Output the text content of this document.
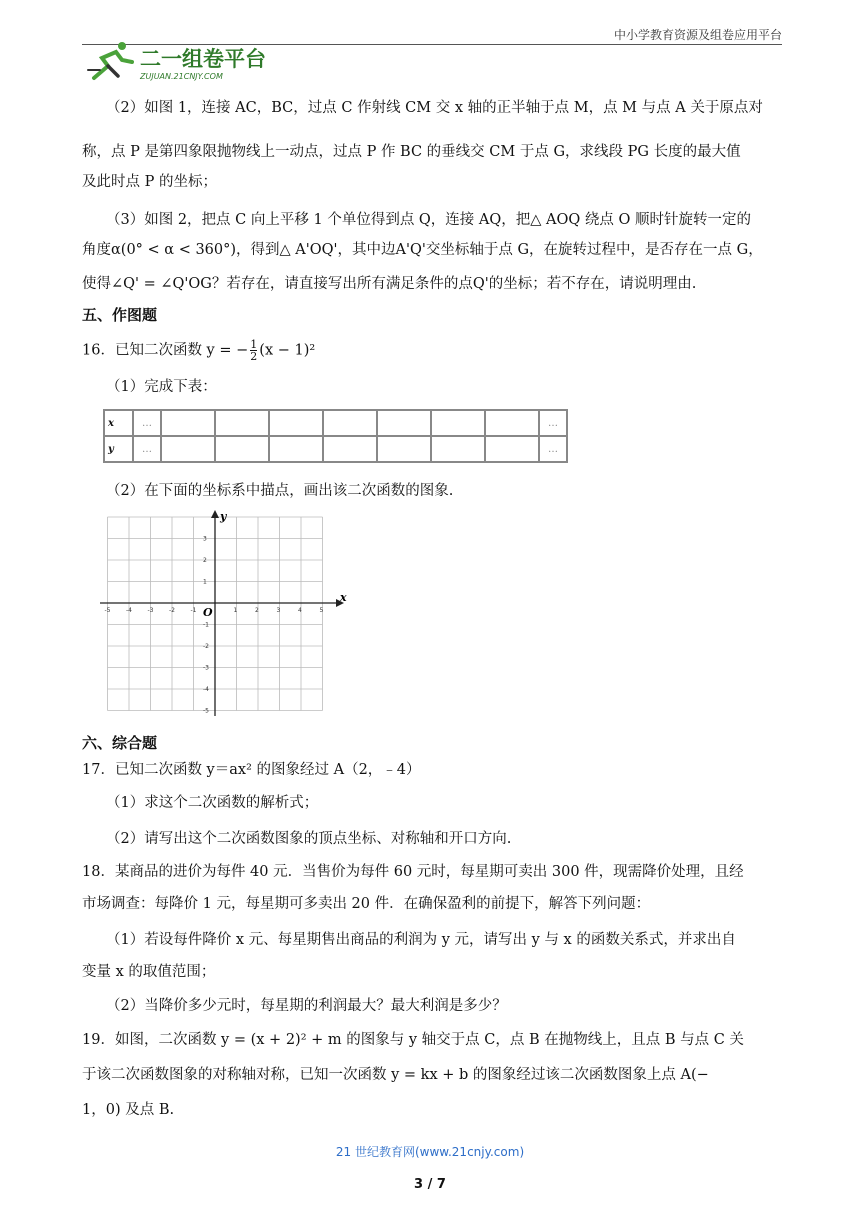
中小学教育资源及组卷应用平台
二一组卷平台
ZUJUAN.21CNJY.COM
（2）如图 1，连接 AC，BC，过点 C 作射线 CM 交 x 轴的正半轴于点 M，点 M 与点 A 关于原点对
称，点 P 是第四象限抛物线上一动点，过点 P 作 BC 的垂线交 CM 于点 G，求线段 PG 长度的最大值
及此时点 P 的坐标；
（3）如图 2，把点 C 向上平移 1 个单位得到点 Q，连接 AQ，把△ AOQ 绕点 O 顺时针旋转一定的
角度α(0° < α < 360°)，得到△ A'OQ'，其中边A'Q'交坐标轴于点 G，在旋转过程中，是否存在一点 G，
使得∠Q' = ∠Q'OG？若存在，请直接写出所有满足条件的点Q'的坐标；若不存在，请说明理由.
五、作图题
16．已知二次函数 y = − $\frac{1}{2} (x - 1)^2$
（1）完成下表：
x	…								…
y	…								…
（2）在下面的坐标系中描点，画出该二次函数的图象.
x
y
O
-5	-4	-3	-2	-1	1	2	3	4	5
3
2
1
-1
-2
-3
-4
-5
六、综合题
17．已知二次函数 y＝ax² 的图象经过 A（2，﹣4）
（1）求这个二次函数的解析式；
（2）请写出这个二次函数图象的顶点坐标、对称轴和开口方向.
18．某商品的进价为每件 40 元．当售价为每件 60 元时，每星期可卖出 300 件，现需降价处理，且经
市场调查：每降价 1 元，每星期可多卖出 20 件．在确保盈利的前提下，解答下列问题：
（1）若设每件降价 x 元、每星期售出商品的利润为 y 元，请写出 y 与 x 的函数关系式，并求出自
变量 x 的取值范围；
（2）当降价多少元时，每星期的利润最大？最大利润是多少？
19．如图，二次函数 y = (x + 2)² + m 的图象与 y 轴交于点 C，点 B 在抛物线上，且点 B 与点 C 关
于该二次函数图象的对称轴对称，已知一次函数 y = kx + b 的图象经过该二次函数图象上点 A(−
1，0) 及点 B.
21 世纪教育网(www.21cnjy.com)
3 / 7
